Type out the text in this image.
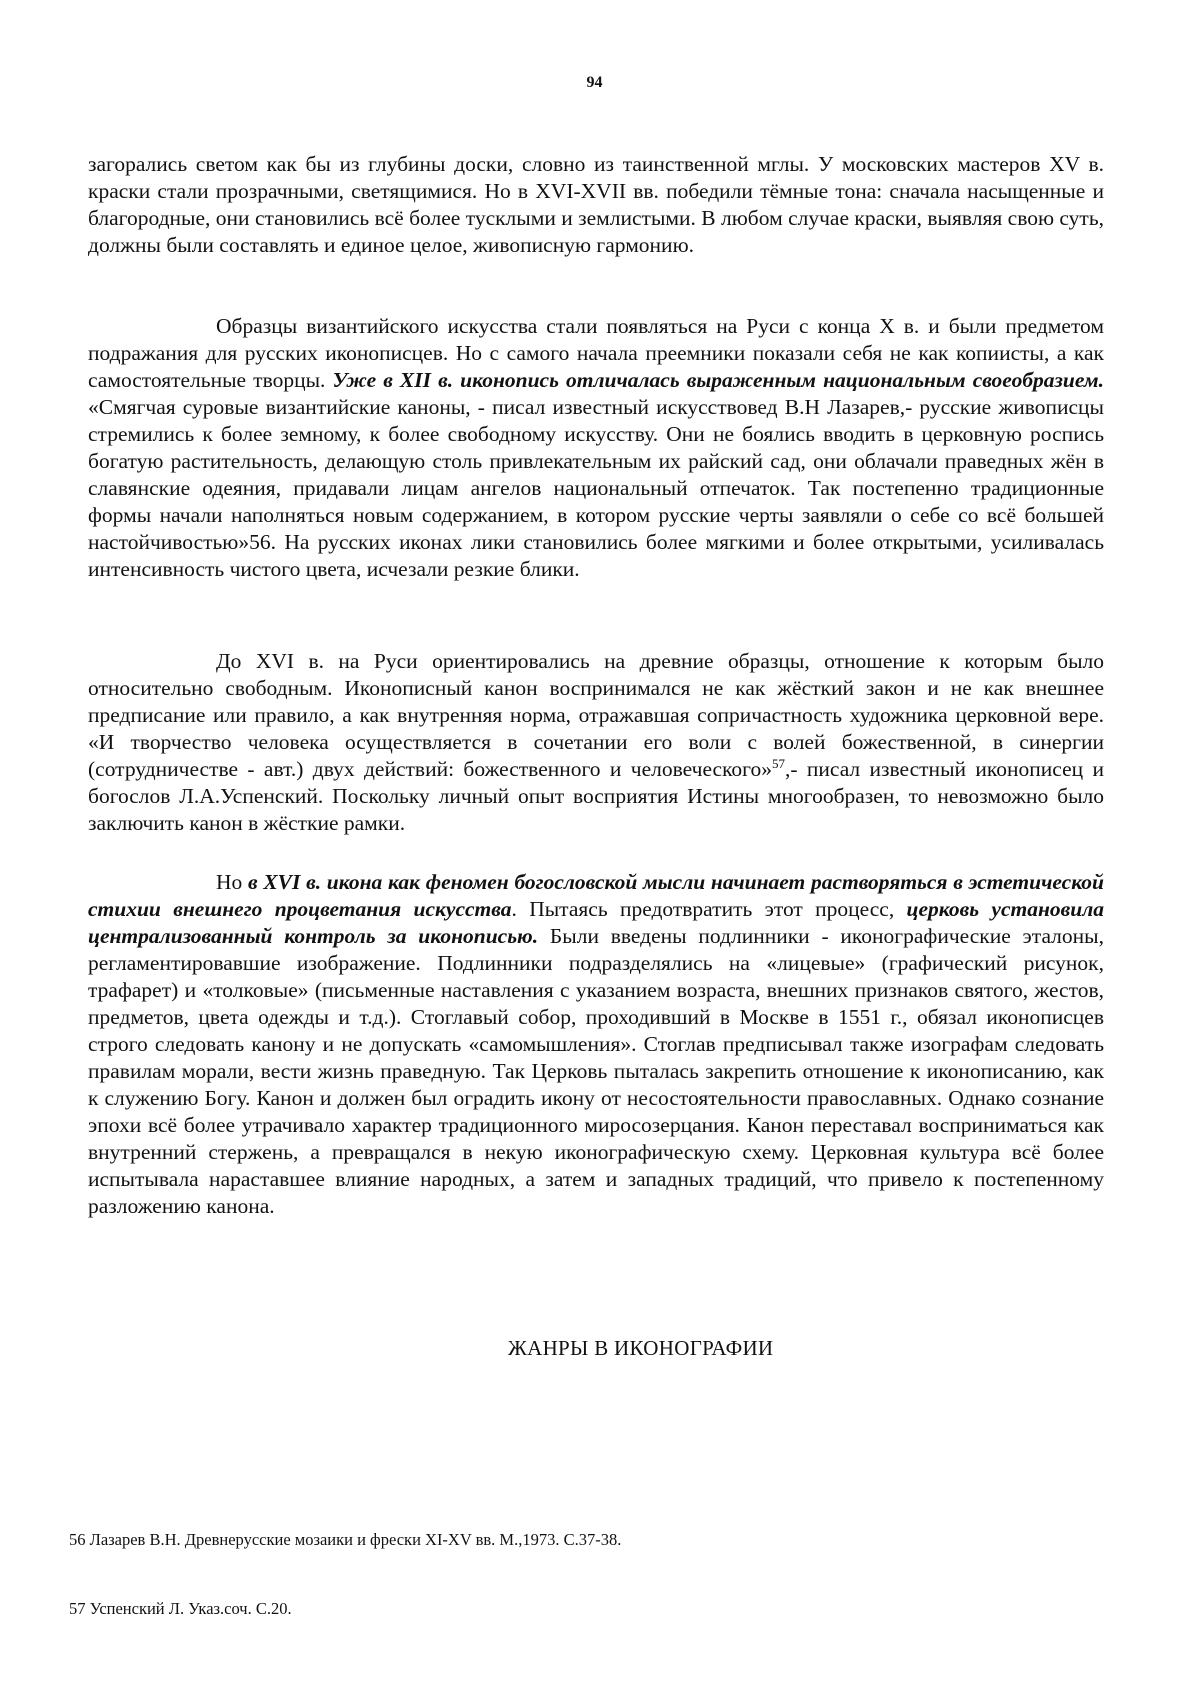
94

загорались светом как бы из глубины доски, словно из таинственной мглы. У московских мастеров XV в. краски стали прозрачными, светящимися. Но в XVI-XVII вв. победили тёмные тона: сначала насыщенные и благородные, они становились всё более тусклыми и землистыми. В любом случае краски, выявляя свою суть, должны были составлять и единое целое, живописную гармонию.

Образцы византийского искусства стали появляться на Руси с конца X в. и были предметом подражания для русских иконописцев. Но с самого начала преемники показали себя не как копиисты, а как самостоятельные творцы. Уже в XII в. иконопись отличалась выраженным национальным своеобразием. «Смягчая суровые византийские каноны, - писал известный искусствовед В.Н Лазарев,- русские живописцы стремились к более земному, к более свободному искусству. Они не боялись вводить в церковную роспись богатую растительность, делающую столь привлекательным их райский сад, они облачали праведных жён в славянские одеяния, придавали лицам ангелов национальный отпечаток. Так постепенно традиционные формы начали наполняться новым содержанием, в котором русские черты заявляли о себе со всё большей настойчивостью»56. На русских иконах лики становились более мягкими и более открытыми, усиливалась интенсивность чистого цвета, исчезали резкие блики.

До XVI в. на Руси ориентировались на древние образцы, отношение к которым было относительно свободным. Иконописный канон воспринимался не как жёсткий закон и не как внешнее предписание или правило, а как внутренняя норма, отражавшая сопричастность художника церковной вере. «И творчество человека осуществляется в сочетании его воли с волей божественной, в синергии (сотрудничестве - авт.) двух действий: божественного и человеческого»$^{57}$,- писал известный иконописец и богослов Л.А.Успенский. Поскольку личный опыт восприятия Истины многообразен, то невозможно было заключить канон в жёсткие рамки.

Но в XVI в. икона как феномен богословской мысли начинает растворяться в эстетической стихии внешнего процветания искусства. Пытаясь предотвратить этот процесс, церковь установила централизованный контроль за иконописью. Были введены подлинники - иконографические эталоны, регламентировавшие изображение. Подлинники подразделялись на «лицевые» (графический рисунок, трафарет) и «толковые» (письменные наставления с указанием возраста, внешних признаков святого, жестов, предметов, цвета одежды и т.д.). Стоглавый собор, проходивший в Москве в 1551 г., обязал иконописцев строго следовать канону и не допускать «самомышления». Стоглав предписывал также изографам следовать правилам морали, вести жизнь праведную. Так Церковь пыталась закрепить отношение к иконописанию, как к служению Богу. Канон и должен был оградить икону от несостоятельности православных. Однако сознание эпохи всё более утрачивало характер традиционного миросозерцания. Канон переставал восприниматься как внутренний стержень, а превращался в некую иконографическую схему. Церковная культура всё более испытывала нараставшее влияние народных, а затем и западных традиций, что привело к постепенному разложению канона.

ЖАНРЫ В ИКОНОГРАФИИ

56 Лазарев В.Н. Древнерусские мозаики и фрески XI-XV вв. М.,1973. С.37-38.

57 Успенский Л. Указ.соч. С.20.
